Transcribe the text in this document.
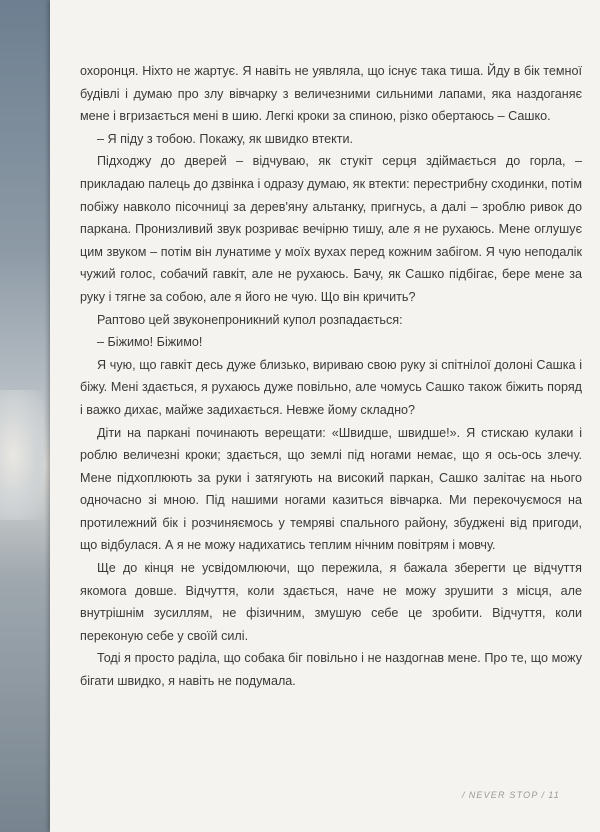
охоронця. Ніхто не жартує. Я навіть не уявляла, що існує така тиша. Йду в бік темної будівлі і думаю про злу вівчарку з величезними сильними лапами, яка наздоганяє мене і вгризається мені в шию. Легкі кроки за спиною, різко обертаюсь – Сашко.

– Я піду з тобою. Покажу, як швидко втекти.

Підходжу до дверей – відчуваю, як стукіт серця здіймається до горла, – прикладаю палець до дзвінка і одразу думаю, як втекти: перестрибну сходинки, потім побіжу навколо пісочниці за дерев'яну альтанку, пригнусь, а далі – зроблю ривок до паркана. Пронизливий звук розриває вечірню тишу, але я не рухаюсь. Мене оглушує цим звуком – потім він лунатиме у моїх вухах перед кожним забігом. Я чую неподалік чужий голос, собачий гавкіт, але не рухаюсь. Бачу, як Сашко підбігає, бере мене за руку і тягне за собою, але я його не чую. Що він кричить?

Раптово цей звуконепроникний купол розпадається:

– Біжимо! Біжимо!

Я чую, що гавкіт десь дуже близько, вириваю свою руку зі спітнілої долоні Сашка і біжу. Мені здається, я рухаюсь дуже повільно, але чомусь Сашко також біжить поряд і важко дихає, майже задихається. Невже йому складно?

Діти на паркані починають верещати: «Швидше, швидше!». Я стискаю кулаки і роблю величезні кроки; здається, що землі під ногами немає, що я ось-ось злечу. Мене підхоплюють за руки і затягують на високий паркан, Сашко залітає на нього одночасно зі мною. Під нашими ногами казиться вівчарка. Ми перекочуємося на протилежний бік і розчиняємось у темряві спального району, збуджені від пригоди, що відбулася. А я не можу надихатись теплим нічним повітрям і мовчу.

Ще до кінця не усвідомлюючи, що пережила, я бажала зберегти це відчуття якомога довше. Відчуття, коли здається, наче не можу зрушити з місця, але внутрішнім зусиллям, не фізичним, змушую себе це зробити. Відчуття, коли переконую себе у своїй силі.

Тоді я просто раділа, що собака біг повільно і не наздогнав мене. Про те, що можу бігати швидко, я навіть не подумала.

/ NEVER STOP / 11
